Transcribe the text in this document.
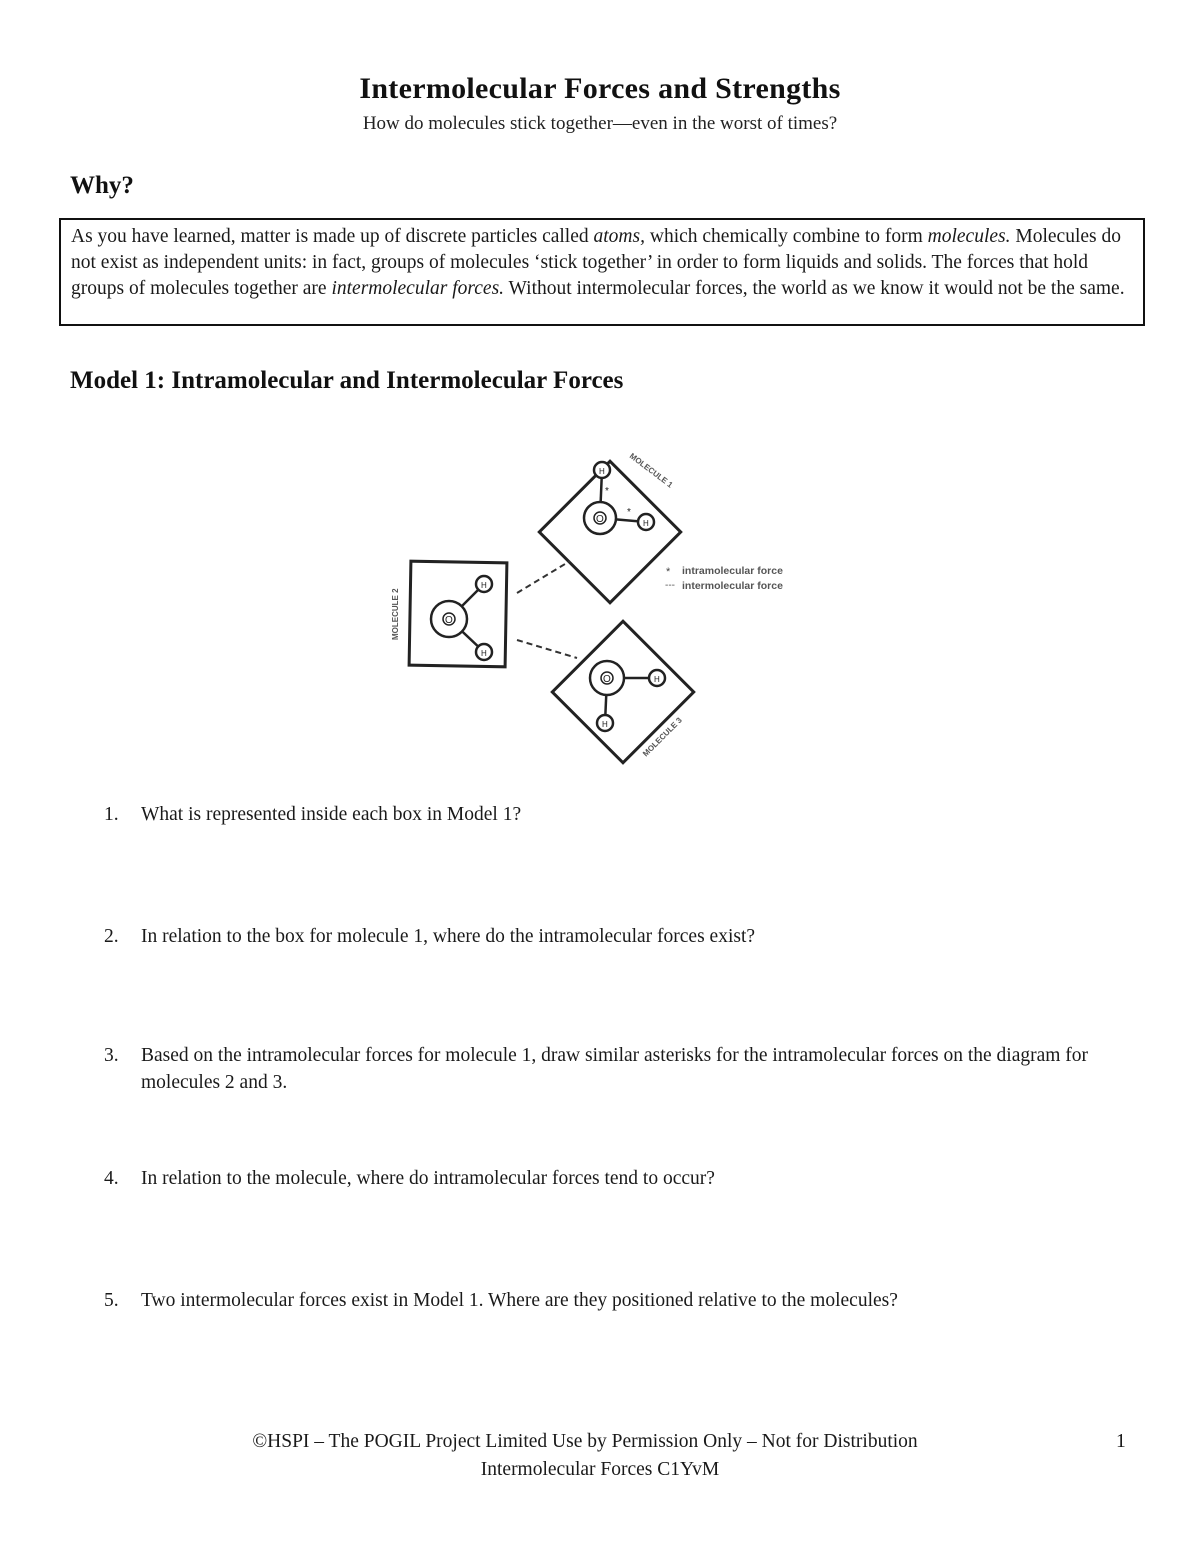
Intermolecular Forces and Strengths
How do molecules stick together—even in the worst of times?
Why?
As you have learned, matter is made up of discrete particles called atoms, which chemically combine to form molecules. Molecules do not exist as independent units: in fact, groups of molecules ‘stick together’ in order to form liquids and solids. The forces that hold groups of molecules together are intermolecular forces. Without intermolecular forces, the world as we know it would not be the same.
Model 1: Intramolecular and Intermolecular Forces
*
*
MOLECULE 1
* intramolecular force
--- intermolecular force
MOLECULE 2
MOLECULE 3
O
H
H
O
H
H
O	H
H
1.	What is represented inside each box in Model 1?
2.	In relation to the box for molecule 1, where do the intramolecular forces exist?
3.	Based on the intramolecular forces for molecule 1, draw similar asterisks for the intramolecular forces on the diagram for molecules 2 and 3.
4.	In relation to the molecule, where do intramolecular forces tend to occur?
5.	Two intermolecular forces exist in Model 1. Where are they positioned relative to the molecules?
©HSPI – The POGIL Project Limited Use by Permission Only – Not for Distribution
Intermolecular Forces C1YvM
1
